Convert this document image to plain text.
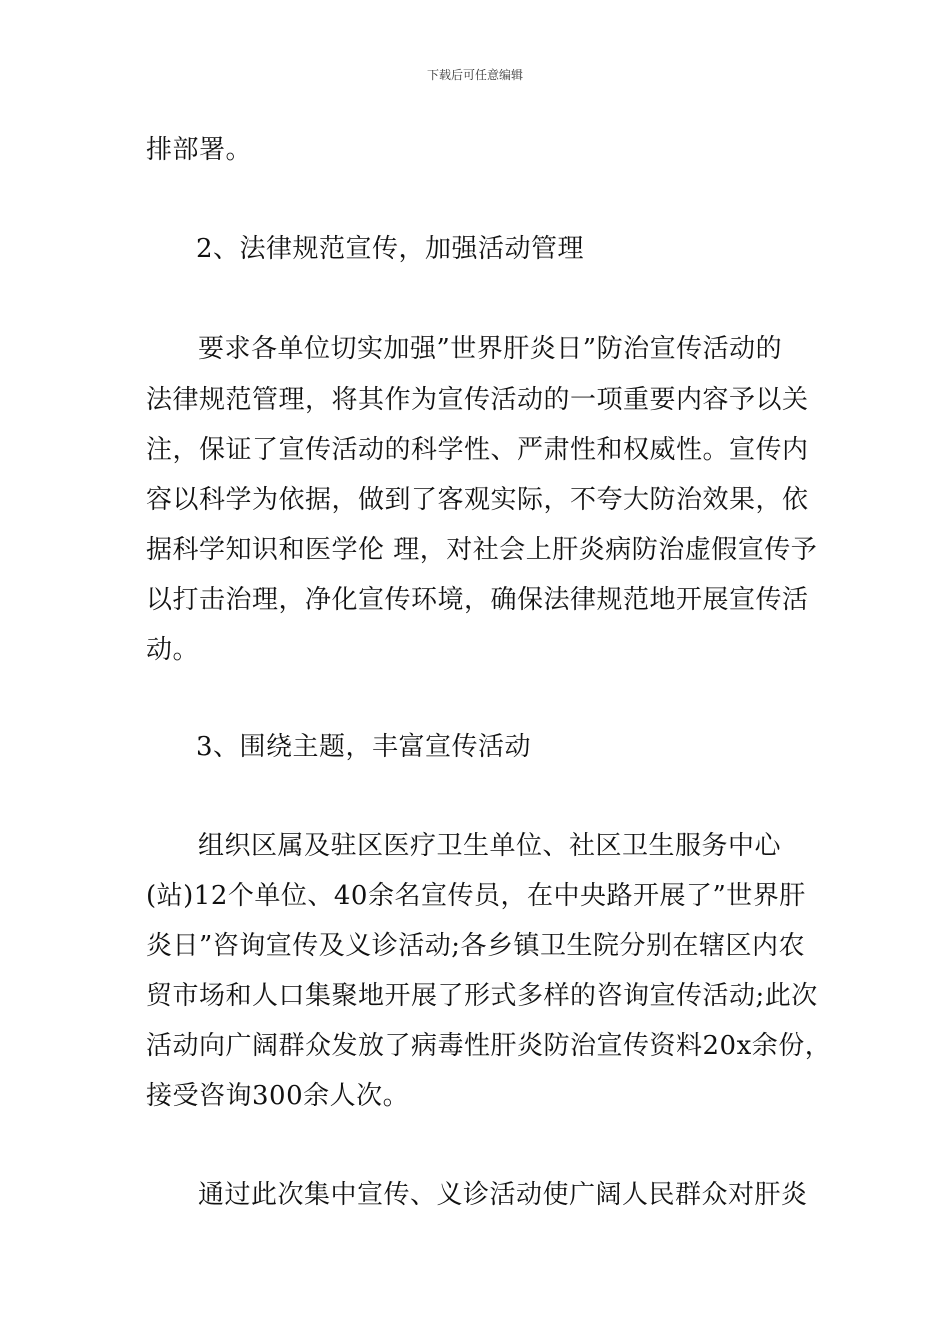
下载后可任意编辑
排部署。
2、法律规范宣传，加强活动管理
要求各单位切实加强”世界肝炎日”防治宣传活动的
法律规范管理，将其作为宣传活动的一项重要内容予以关
注，保证了宣传活动的科学性、严肃性和权威性。宣传内
容以科学为依据，做到了客观实际，不夸大防治效果，依
据科学知识和医学伦 理，对社会上肝炎病防治虚假宣传予
以打击治理，净化宣传环境，确保法律规范地开展宣传活
动。
3、围绕主题，丰富宣传活动
组织区属及驻区医疗卫生单位、社区卫生服务中心
(站)12个单位、40余名宣传员，在中央路开展了”世界肝
炎日”咨询宣传及义诊活动;各乡镇卫生院分别在辖区内农
贸市场和人口集聚地开展了形式多样的咨询宣传活动;此次
活动向广阔群众发放了病毒性肝炎防治宣传资料20x余份，
接受咨询300余人次。
通过此次集中宣传、义诊活动使广阔人民群众对肝炎
